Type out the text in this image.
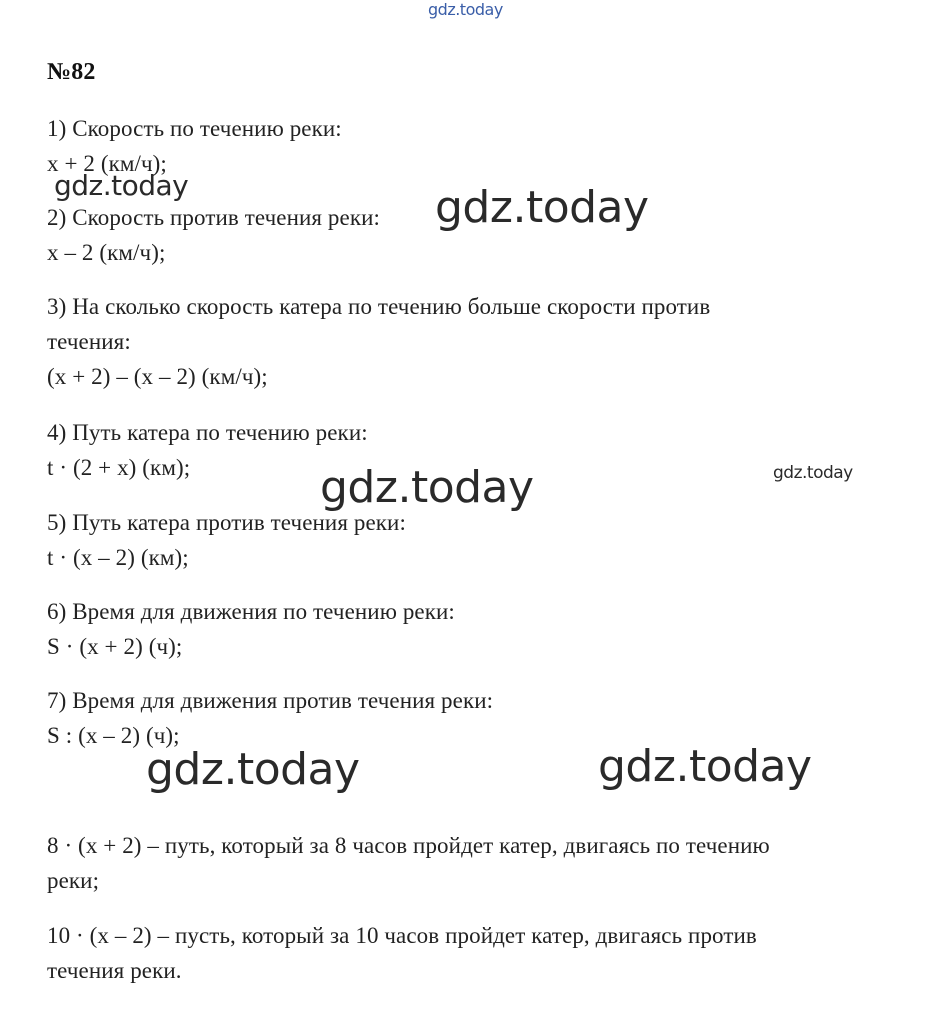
gdz.today
№82
1) Скорость по течению реки:
x + 2 (км/ч);
2) Скорость против течения реки:
x – 2 (км/ч);
3) На сколько скорость катера по течению больше скорости против
течения:
(x + 2) – (x – 2) (км/ч);
4) Путь катера по течению реки:
t · (2 + x) (км);
5) Путь катера против течения реки:
t · (x – 2) (км);
6) Время для движения по течению реки:
S · (x + 2) (ч);
7) Время для движения против течения реки:
S : (x – 2) (ч);
8 · (x + 2) – путь, который за 8 часов пройдет катер, двигаясь по течению
реки;
10 · (x – 2) – пусть, который за 10 часов пройдет катер, двигаясь против
течения реки.
gdz.today	gdz.today
gdz.today
gdz.today
gdz.today	gdz.today
